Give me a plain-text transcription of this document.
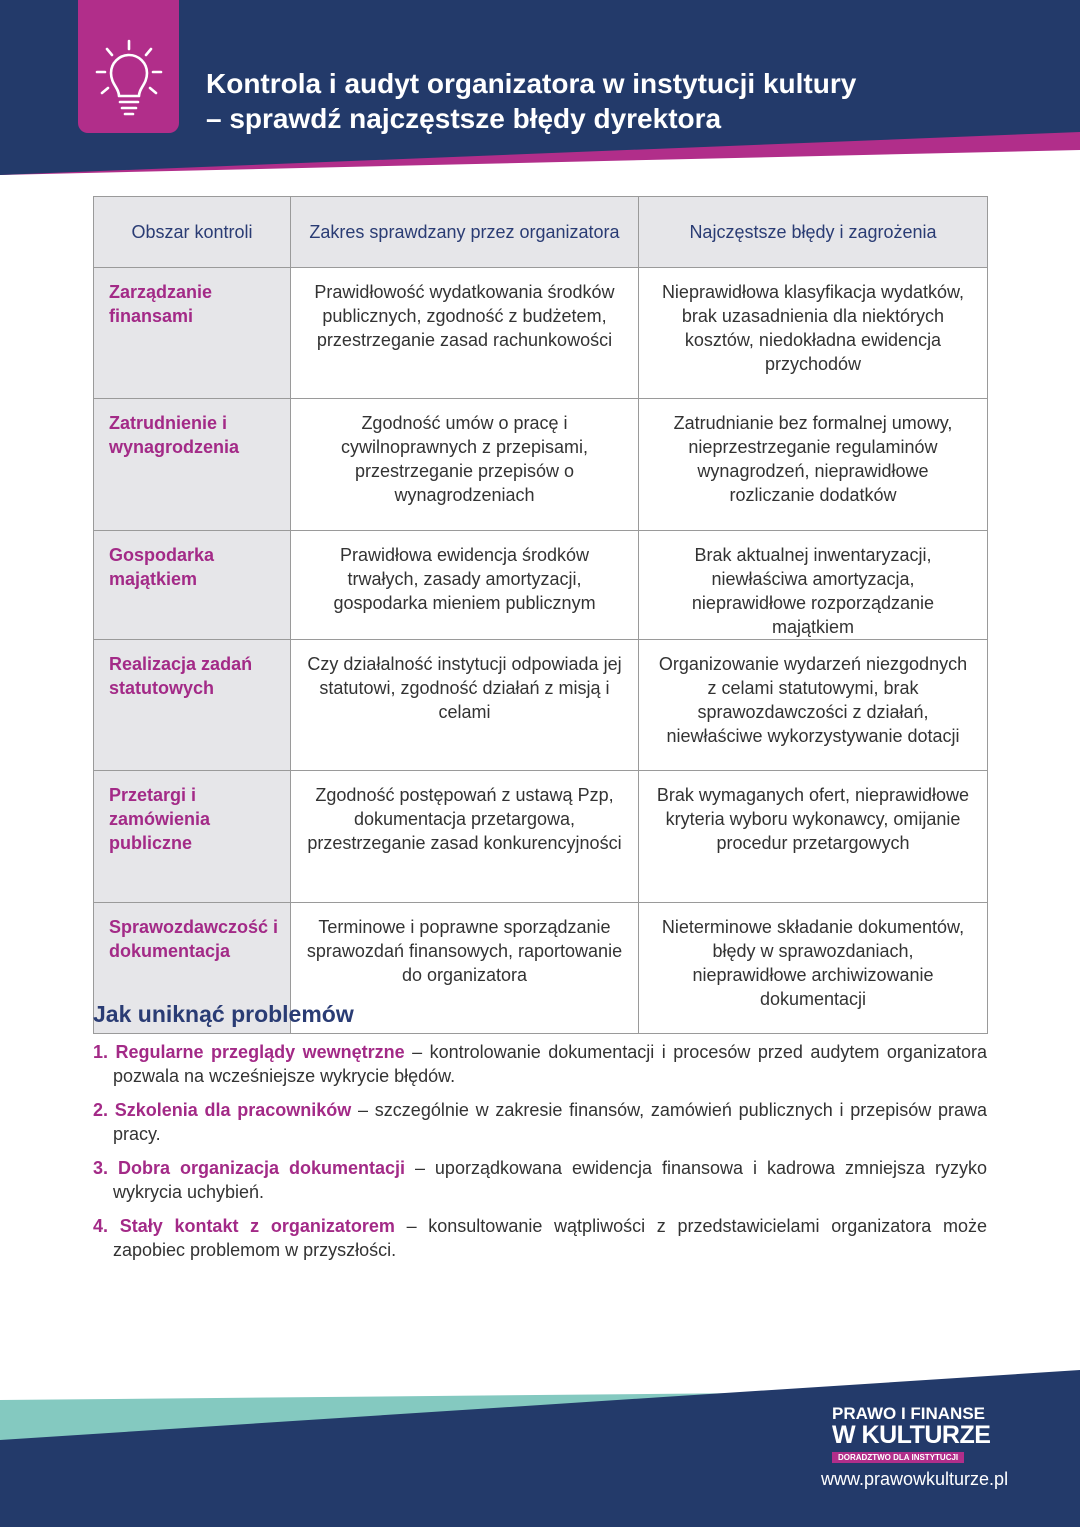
Kontrola i audyt organizatora w instytucji kultury
– sprawdź najczęstsze błędy dyrektora
Obszar kontroli	Zakres sprawdzany przez organizatora	Najczęstsze błędy i zagrożenia
Zarządzanie finansami	Prawidłowość wydatkowania środków publicznych, zgodność z budżetem, przestrzeganie zasad rachunkowości	Nieprawidłowa klasyfikacja wydatków, brak uzasadnienia dla niektórych kosztów, niedokładna ewidencja przychodów
Zatrudnienie i wynagrodzenia	Zgodność umów o pracę i cywilnoprawnych z przepisami, przestrzeganie przepisów o wynagrodzeniach	Zatrudnianie bez formalnej umowy, nieprzestrzeganie regulaminów wynagrodzeń, nieprawidłowe rozliczanie dodatków
Gospodarka majątkiem	Prawidłowa ewidencja środków trwałych, zasady amortyzacji, gospodarka mieniem publicznym	Brak aktualnej inwentaryzacji, niewłaściwa amortyzacja, nieprawidłowe rozporządzanie majątkiem
Realizacja zadań statutowych	Czy działalność instytucji odpowiada jej statutowi, zgodność działań z misją i celami	Organizowanie wydarzeń niezgodnych z celami statutowymi, brak sprawozdawczości z działań, niewłaściwe wykorzystywanie dotacji
Przetargi i zamówienia publiczne	Zgodność postępowań z ustawą Pzp, dokumentacja przetargowa, przestrzeganie zasad konkurencyjności	Brak wymaganych ofert, nieprawidłowe kryteria wyboru wykonawcy, omijanie procedur przetargowych
Sprawozdawczość i dokumentacja	Terminowe i poprawne sporządzanie sprawozdań finansowych, raportowanie do organizatora	Nieterminowe składanie dokumentów, błędy w sprawozdaniach, nieprawidłowe archiwizowanie dokumentacji
Jak uniknąć problemów
1. Regularne przeglądy wewnętrzne – kontrolowanie dokumentacji i procesów przed audytem organizatora pozwala na wcześniejsze wykrycie błędów.
2. Szkolenia dla pracowników – szczególnie w zakresie finansów, zamówień publicznych i przepisów prawa pracy.
3. Dobra organizacja dokumentacji – uporządkowana ewidencja finansowa i kadrowa zmniejsza ryzyko wykrycia uchybień.
4. Stały kontakt z organizatorem – konsultowanie wątpliwości z przedstawicielami organizatora może zapobiec problemom w przyszłości.
PRAWO I FINANSE
W KULTURZE
DORADZTWO DLA INSTYTUCJI
www.prawowkulturze.pl
